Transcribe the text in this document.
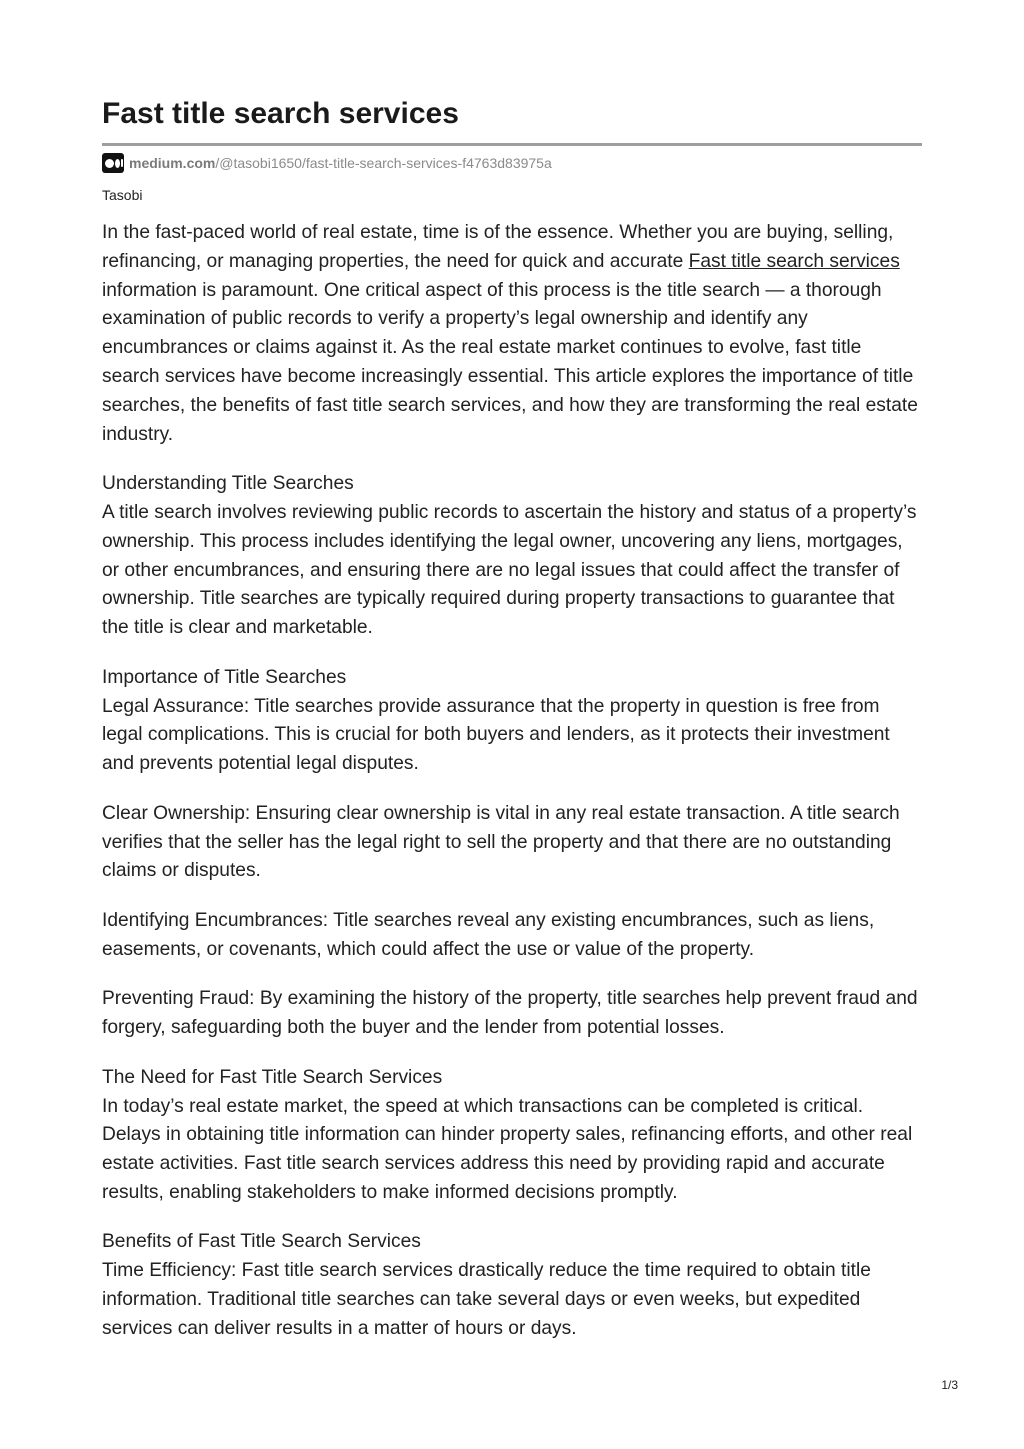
Fast title search services
medium.com/@tasobi1650/fast-title-search-services-f4763d83975a
Tasobi

In the fast-paced world of real estate, time is of the essence. Whether you are buying, selling, refinancing, or managing properties, the need for quick and accurate Fast title search services information is paramount. One critical aspect of this process is the title search — a thorough examination of public records to verify a property’s legal ownership and identify any encumbrances or claims against it. As the real estate market continues to evolve, fast title search services have become increasingly essential. This article explores the importance of title searches, the benefits of fast title search services, and how they are transforming the real estate industry.

Understanding Title Searches
A title search involves reviewing public records to ascertain the history and status of a property’s ownership. This process includes identifying the legal owner, uncovering any liens, mortgages, or other encumbrances, and ensuring there are no legal issues that could affect the transfer of ownership. Title searches are typically required during property transactions to guarantee that the title is clear and marketable.

Importance of Title Searches
Legal Assurance: Title searches provide assurance that the property in question is free from legal complications. This is crucial for both buyers and lenders, as it protects their investment and prevents potential legal disputes.

Clear Ownership: Ensuring clear ownership is vital in any real estate transaction. A title search verifies that the seller has the legal right to sell the property and that there are no outstanding claims or disputes.

Identifying Encumbrances: Title searches reveal any existing encumbrances, such as liens, easements, or covenants, which could affect the use or value of the property.

Preventing Fraud: By examining the history of the property, title searches help prevent fraud and forgery, safeguarding both the buyer and the lender from potential losses.

The Need for Fast Title Search Services
In today’s real estate market, the speed at which transactions can be completed is critical. Delays in obtaining title information can hinder property sales, refinancing efforts, and other real estate activities. Fast title search services address this need by providing rapid and accurate results, enabling stakeholders to make informed decisions promptly.

Benefits of Fast Title Search Services
Time Efficiency: Fast title search services drastically reduce the time required to obtain title information. Traditional title searches can take several days or even weeks, but expedited services can deliver results in a matter of hours or days.

1/3
